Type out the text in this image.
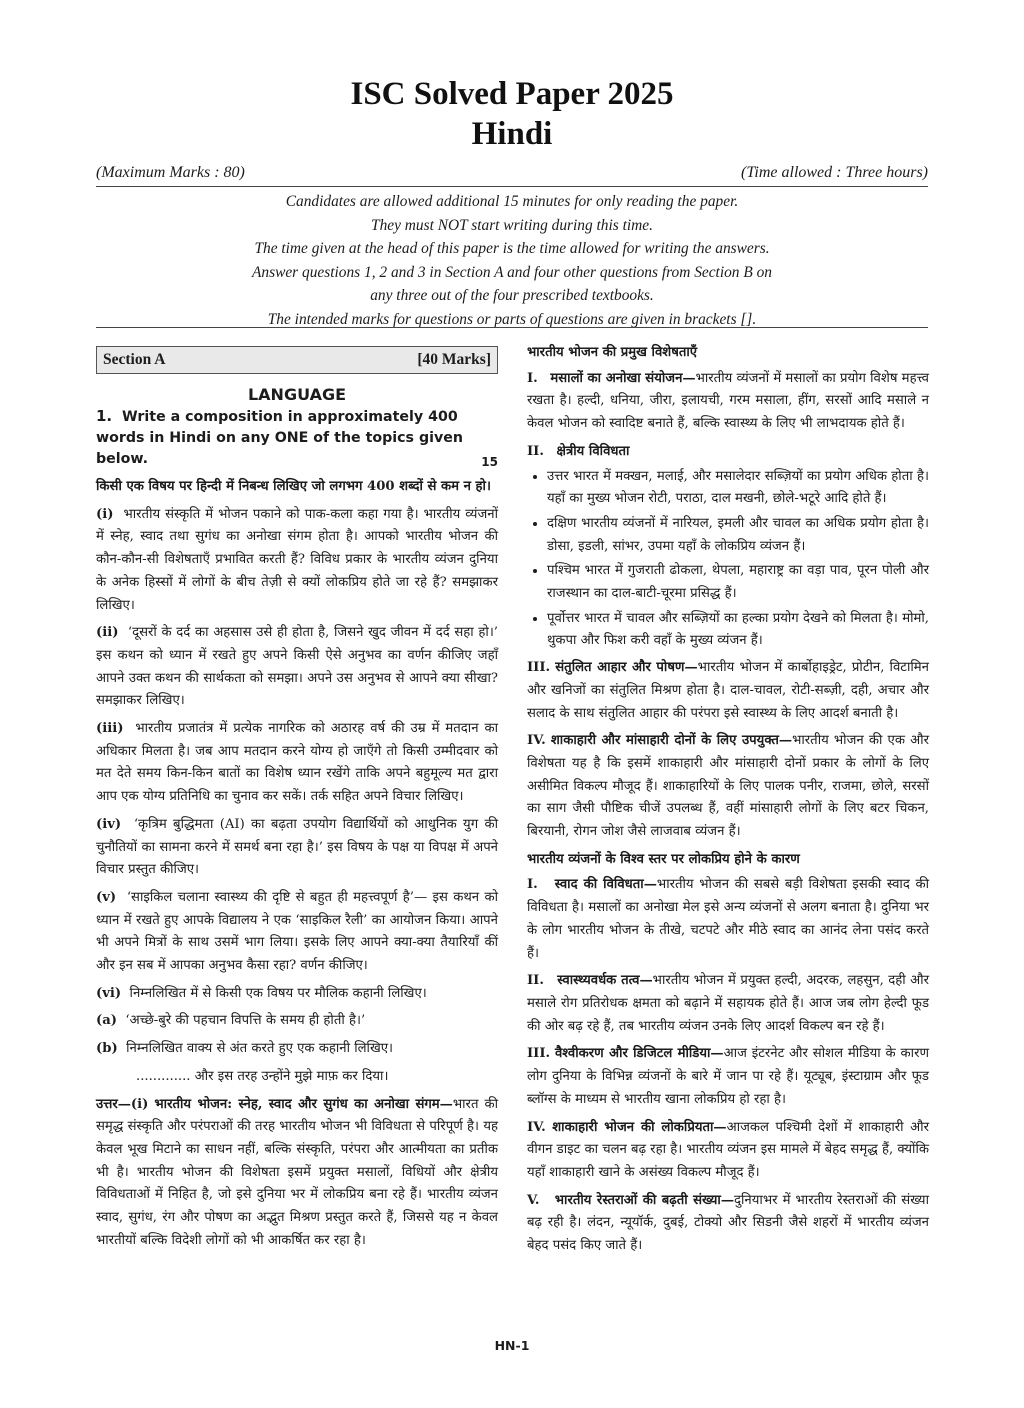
ISC Solved Paper 2025
Hindi
(Maximum Marks : 80)	(Time allowed : Three hours)
Candidates are allowed additional 15 minutes for only reading the paper.
They must NOT start writing during this time.
The time given at the head of this paper is the time allowed for writing the answers.
Answer questions 1, 2 and 3 in Section A and four other questions from Section B on
any three out of the four prescribed textbooks.
The intended marks for questions or parts of questions are given in brackets [].
Section A	[40 Marks]
LANGUAGE
1. Write a composition in approximately 400 words in Hindi on any ONE of the topics given below.	15

किसी एक विषय पर हिन्दी में निबन्ध लिखिए जो लगभग 400 शब्दों से कम न हो।

(i) भारतीय संस्कृति में भोजन पकाने को पाक-कला कहा गया है। भारतीय व्यंजनों में स्नेह, स्वाद तथा सुगंध का अनोखा संगम होता है। आपको भारतीय भोजन की कौन-कौन-सी विशेषताएँ प्रभावित करती हैं? विविध प्रकार के भारतीय व्यंजन दुनिया के अनेक हिस्सों में लोगों के बीच तेज़ी से क्यों लोकप्रिय होते जा रहे हैं? समझाकर लिखिए।

(ii) ‘दूसरों के दर्द का अहसास उसे ही होता है, जिसने खुद जीवन में दर्द सहा हो।’ इस कथन को ध्यान में रखते हुए अपने किसी ऐसे अनुभव का वर्णन कीजिए जहाँ आपने उक्त कथन की सार्थकता को समझा। अपने उस अनुभव से आपने क्या सीखा? समझाकर लिखिए।

(iii) भारतीय प्रजातंत्र में प्रत्येक नागरिक को अठारह वर्ष की उम्र में मतदान का अधिकार मिलता है। जब आप मतदान करने योग्य हो जाएँगे तो किसी उम्मीदवार को मत देते समय किन-किन बातों का विशेष ध्यान रखेंगे ताकि अपने बहुमूल्य मत द्वारा आप एक योग्य प्रतिनिधि का चुनाव कर सकें। तर्क सहित अपने विचार लिखिए।

(iv) ‘कृत्रिम बुद्धिमता (AI) का बढ़ता उपयोग विद्यार्थियों को आधुनिक युग की चुनौतियों का सामना करने में समर्थ बना रहा है।’ इस विषय के पक्ष या विपक्ष में अपने विचार प्रस्तुत कीजिए।

(v) ‘साइकिल चलाना स्वास्थ्य की दृष्टि से बहुत ही महत्त्वपूर्ण है’— इस कथन को ध्यान में रखते हुए आपके विद्यालय ने एक ‘साइकिल रैली’ का आयोजन किया। आपने भी अपने मित्रों के साथ उसमें भाग लिया। इसके लिए आपने क्या-क्या तैयारियाँ कीं और इन सब में आपका अनुभव कैसा रहा? वर्णन कीजिए।

(vi) निम्नलिखित में से किसी एक विषय पर मौलिक कहानी लिखिए।

(a) ‘अच्छे-बुरे की पहचान विपत्ति के समय ही होती है।’

(b) निम्नलिखित वाक्य से अंत करते हुए एक कहानी लिखिए।

............. और इस तरह उन्होंने मुझे माफ़ कर दिया।

उत्तर—(i) भारतीय भोजन: स्नेह, स्वाद और सुगंध का अनोखा संगम—भारत की समृद्ध संस्कृति और परंपराओं की तरह भारतीय भोजन भी विविधता से परिपूर्ण है। यह केवल भूख मिटाने का साधन नहीं, बल्कि संस्कृति, परंपरा और आत्मीयता का प्रतीक भी है। भारतीय भोजन की विशेषता इसमें प्रयुक्त मसालों, विधियों और क्षेत्रीय विविधताओं में निहित है, जो इसे दुनिया भर में लोकप्रिय बना रहे हैं। भारतीय व्यंजन स्वाद, सुगंध, रंग और पोषण का अद्भुत मिश्रण प्रस्तुत करते हैं, जिससे यह न केवल भारतीयों बल्कि विदेशी लोगों को भी आकर्षित कर रहा है।

भारतीय भोजन की प्रमुख विशेषताएँ

I. मसालों का अनोखा संयोजन—भारतीय व्यंजनों में मसालों का प्रयोग विशेष महत्त्व रखता है। हल्दी, धनिया, जीरा, इलायची, गरम मसाला, हींग, सरसों आदि मसाले न केवल भोजन को स्वादिष्ट बनाते हैं, बल्कि स्वास्थ्य के लिए भी लाभदायक होते हैं।

II. क्षेत्रीय विविधता

• उत्तर भारत में मक्खन, मलाई, और मसालेदार सब्ज़ियों का प्रयोग अधिक होता है। यहाँ का मुख्य भोजन रोटी, पराठा, दाल मखनी, छोले-भटूरे आदि होते हैं।
• दक्षिण भारतीय व्यंजनों में नारियल, इमली और चावल का अधिक प्रयोग होता है। डोसा, इडली, सांभर, उपमा यहाँ के लोकप्रिय व्यंजन हैं।
• पश्चिम भारत में गुजराती ढोकला, थेपला, महाराष्ट्र का वड़ा पाव, पूरन पोली और राजस्थान का दाल-बाटी-चूरमा प्रसिद्ध हैं।
• पूर्वोत्तर भारत में चावल और सब्ज़ियों का हल्का प्रयोग देखने को मिलता है। मोमो, थुकपा और फिश करी वहाँ के मुख्य व्यंजन हैं।

III. संतुलित आहार और पोषण—भारतीय भोजन में कार्बोहाइड्रेट, प्रोटीन, विटामिन और खनिजों का संतुलित मिश्रण होता है। दाल-चावल, रोटी-सब्ज़ी, दही, अचार और सलाद के साथ संतुलित आहार की परंपरा इसे स्वास्थ्य के लिए आदर्श बनाती है।

IV. शाकाहारी और मांसाहारी दोनों के लिए उपयुक्त—भारतीय भोजन की एक और विशेषता यह है कि इसमें शाकाहारी और मांसाहारी दोनों प्रकार के लोगों के लिए असीमित विकल्प मौजूद हैं। शाकाहारियों के लिए पालक पनीर, राजमा, छोले, सरसों का साग जैसी पौष्टिक चीजें उपलब्ध हैं, वहीं मांसाहारी लोगों के लिए बटर चिकन, बिरयानी, रोगन जोश जैसे लाजवाब व्यंजन हैं।

भारतीय व्यंजनों के विश्व स्तर पर लोकप्रिय होने के कारण

I. स्वाद की विविधता—भारतीय भोजन की सबसे बड़ी विशेषता इसकी स्वाद की विविधता है। मसालों का अनोखा मेल इसे अन्य व्यंजनों से अलग बनाता है। दुनिया भर के लोग भारतीय भोजन के तीखे, चटपटे और मीठे स्वाद का आनंद लेना पसंद करते हैं।

II. स्वास्थ्यवर्धक तत्व—भारतीय भोजन में प्रयुक्त हल्दी, अदरक, लहसुन, दही और मसाले रोग प्रतिरोधक क्षमता को बढ़ाने में सहायक होते हैं। आज जब लोग हेल्दी फूड की ओर बढ़ रहे हैं, तब भारतीय व्यंजन उनके लिए आदर्श विकल्प बन रहे हैं।

III. वैश्वीकरण और डिजिटल मीडिया—आज इंटरनेट और सोशल मीडिया के कारण लोग दुनिया के विभिन्न व्यंजनों के बारे में जान पा रहे हैं। यूट्यूब, इंस्टाग्राम और फूड ब्लॉग्स के माध्यम से भारतीय खाना लोकप्रिय हो रहा है।

IV. शाकाहारी भोजन की लोकप्रियता—आजकल पश्चिमी देशों में शाकाहारी और वीगन डाइट का चलन बढ़ रहा है। भारतीय व्यंजन इस मामले में बेहद समृद्ध हैं, क्योंकि यहाँ शाकाहारी खाने के असंख्य विकल्प मौजूद हैं।

V. भारतीय रेस्तराओं की बढ़ती संख्या—दुनियाभर में भारतीय रेस्तराओं की संख्या बढ़ रही है। लंदन, न्यूयॉर्क, दुबई, टोक्यो और सिडनी जैसे शहरों में भारतीय व्यंजन बेहद पसंद किए जाते हैं।

HN-1
